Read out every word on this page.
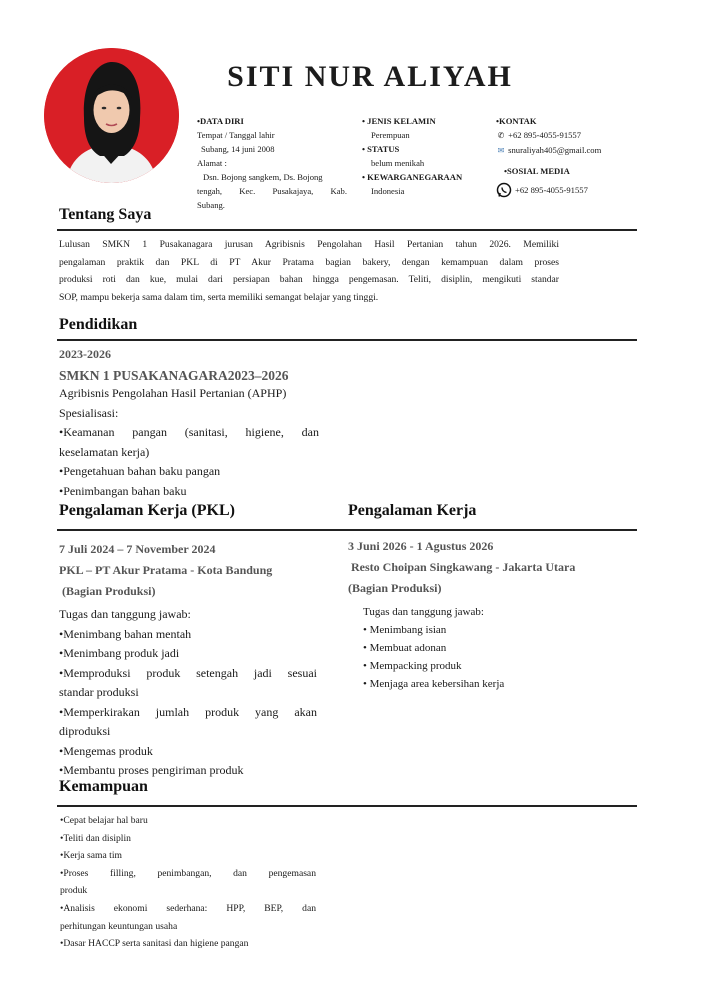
SITI NUR ALIYAH
•DATA DIRI
Tempat / Tanggal lahir
Subang, 14 juni 2008
Alamat :
Dsn. Bojong sangkem, Ds. Bojong
tengah, Kec. Pusakajaya, Kab.
Subang.
• JENIS KELAMIN
Perempuan
• STATUS
belum menikah
• KEWARGANEGARAAN
Indonesia
•KONTAK
✆ +62 895-4055-91557
✉ snuraliyah405@gmail.com
•SOSIAL MEDIA
+62 895-4055-91557
Tentang Saya
Lulusan SMKN 1 Pusakanagara jurusan Agribisnis Pengolahan Hasil Pertanian tahun 2026. Memiliki
pengalaman praktik dan PKL di PT Akur Pratama bagian bakery, dengan kemampuan dalam proses
produksi roti dan kue, mulai dari persiapan bahan hingga pengemasan. Teliti, disiplin, mengikuti standar
SOP, mampu bekerja sama dalam tim, serta memiliki semangat belajar yang tinggi.
Pendidikan
2023-2026
SMKN 1 PUSAKANAGARA2023–2026
Agribisnis Pengolahan Hasil Pertanian (APHP)
Spesialisasi:
•Keamanan pangan (sanitasi, higiene, dan
keselamatan kerja)
•Pengetahuan bahan baku pangan
•Penimbangan bahan baku
Pengalaman Kerja (PKL)	Pengalaman Kerja
7 Juli 2024 – 7 November 2024
PKL – PT Akur Pratama - Kota Bandung
(Bagian Produksi)
Tugas dan tanggung jawab:
•Menimbang bahan mentah
•Menimbang produk jadi
•Memproduksi produk setengah jadi sesuai
standar produksi
•Memperkirakan jumlah produk yang akan
diproduksi
•Mengemas produk
•Membantu proses pengiriman produk
3 Juni 2026 - 1 Agustus 2026
Resto Choipan Singkawang - Jakarta Utara
(Bagian Produksi)
Tugas dan tanggung jawab:
• Menimbang isian
• Membuat adonan
• Mempacking produk
• Menjaga area kebersihan kerja
Kemampuan
•Cepat belajar hal baru
•Teliti dan disiplin
•Kerja sama tim
•Proses filling, penimbangan, dan pengemasan
produk
•Analisis ekonomi sederhana: HPP, BEP, dan
perhitungan keuntungan usaha
•Dasar HACCP serta sanitasi dan higiene pangan
